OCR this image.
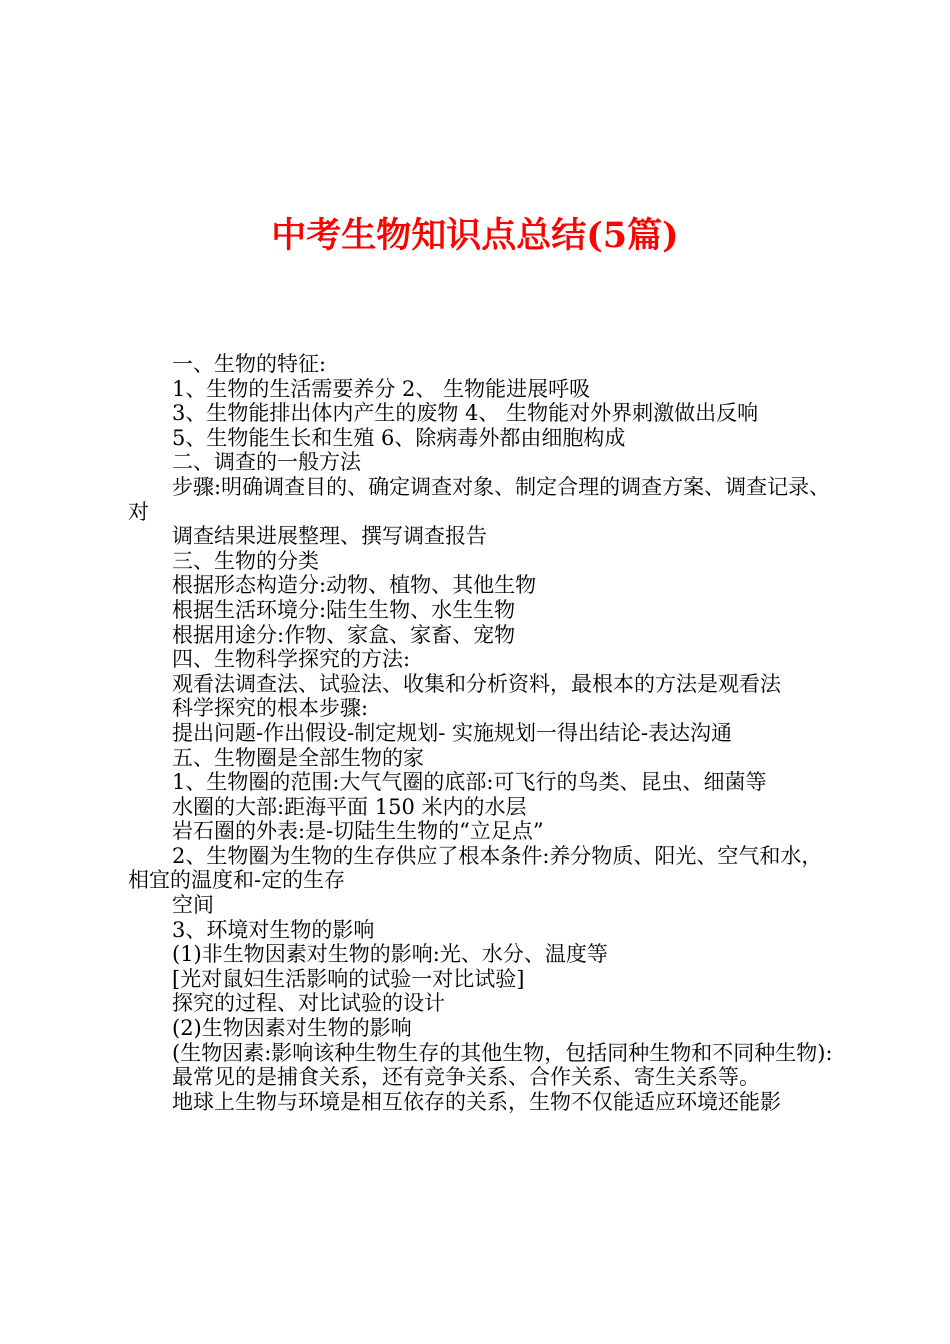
中考生物知识点总结(5篇)

一、生物的特征:

1、生物的生活需要养分 2、 生物能进展呼吸

3、生物能排出体内产生的废物 4、 生物能对外界刺激做出反响

5、生物能生长和生殖 6、除病毒外都由细胞构成

二、调查的一般方法

步骤:明确调查目的、确定调查对象、制定合理的调查方案、调查记录、对

调查结果进展整理、撰写调查报告

三、生物的分类

根据形态构造分:动物、植物、其他生物

根据生活环境分:陆生生物、水生生物

根据用途分:作物、家盒、家畜、宠物

四、生物科学探究的方法:

观看法调查法、试验法、收集和分析资料，最根本的方法是观看法

科学探究的根本步骤:

提出问题-作出假设-制定规划- 实施规划一得出结论-表达沟通

五、生物圈是全部生物的家

1、生物圈的范围:大气气圈的底部:可飞行的鸟类、昆虫、细菌等

水圈的大部:距海平面 150 米内的水层

岩石圈的外表:是-切陆生生物的“立足点”

2、生物圈为生物的生存供应了根本条件:养分物质、阳光、空气和水，相宜的温度和-定的生存

空间

3、环境对生物的影响

(1)非生物因素对生物的影响:光、水分、温度等

[光对鼠妇生活影响的试验一对比试验]

探究的过程、对比试验的设计

(2)生物因素对生物的影响

(生物因素:影响该种生物生存的其他生物，包括同种生物和不同种生物):

最常见的是捕食关系，还有竞争关系、合作关系、寄生关系等。

地球上生物与环境是相互依存的关系，生物不仅能适应环境还能影
